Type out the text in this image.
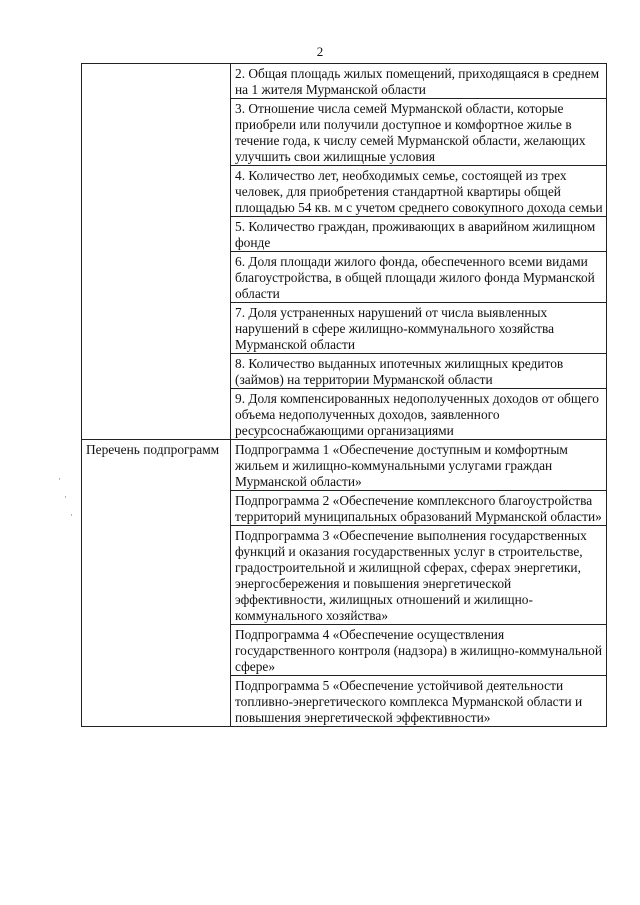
2
·
·
·
	2. Общая площадь жилых помещений, приходящаяся в среднем на 1 жителя Мурманской области
	3. Отношение числа семей Мурманской области, которые приобрели или получили доступное и комфортное жилье в течение года, к числу семей Мурманской области, желающих улучшить свои жилищные условия
	4. Количество лет, необходимых семье, состоящей из трех человек, для приобретения стандартной квартиры общей площадью 54 кв. м с учетом среднего совокупного дохода семьи
	5. Количество граждан, проживающих в аварийном жилищном фонде
	6. Доля площади жилого фонда, обеспеченного всеми видами благоустройства, в общей площади жилого фонда Мурманской области
	7. Доля устраненных нарушений от числа выявленных нарушений в сфере жилищно-коммунального хозяйства Мурманской области
	8. Количество выданных ипотечных жилищных кредитов (займов) на территории Мурманской области
	9. Доля компенсированных недополученных доходов от общего объема недополученных доходов, заявленного ресурсоснабжающими организациями
Перечень подпрограмм	Подпрограмма 1 «Обеспечение доступным и комфортным жильем и жилищно-коммунальными услугами граждан Мурманской области»
	Подпрограмма 2 «Обеспечение комплексного благоустройства территорий муниципальных образований Мурманской области»
	Подпрограмма 3 «Обеспечение выполнения государственных функций и оказания государственных услуг в строительстве, градостроительной и жилищной сферах, сферах энергетики, энергосбережения и повышения энергетической эффективности, жилищных отношений и жилищно-коммунального хозяйства»
	Подпрограмма 4 «Обеспечение осуществления государственного контроля (надзора) в жилищно-коммунальной сфере»
	Подпрограмма 5 «Обеспечение устойчивой деятельности топливно-энергетического комплекса Мурманской области и повышения энергетической эффективности»
